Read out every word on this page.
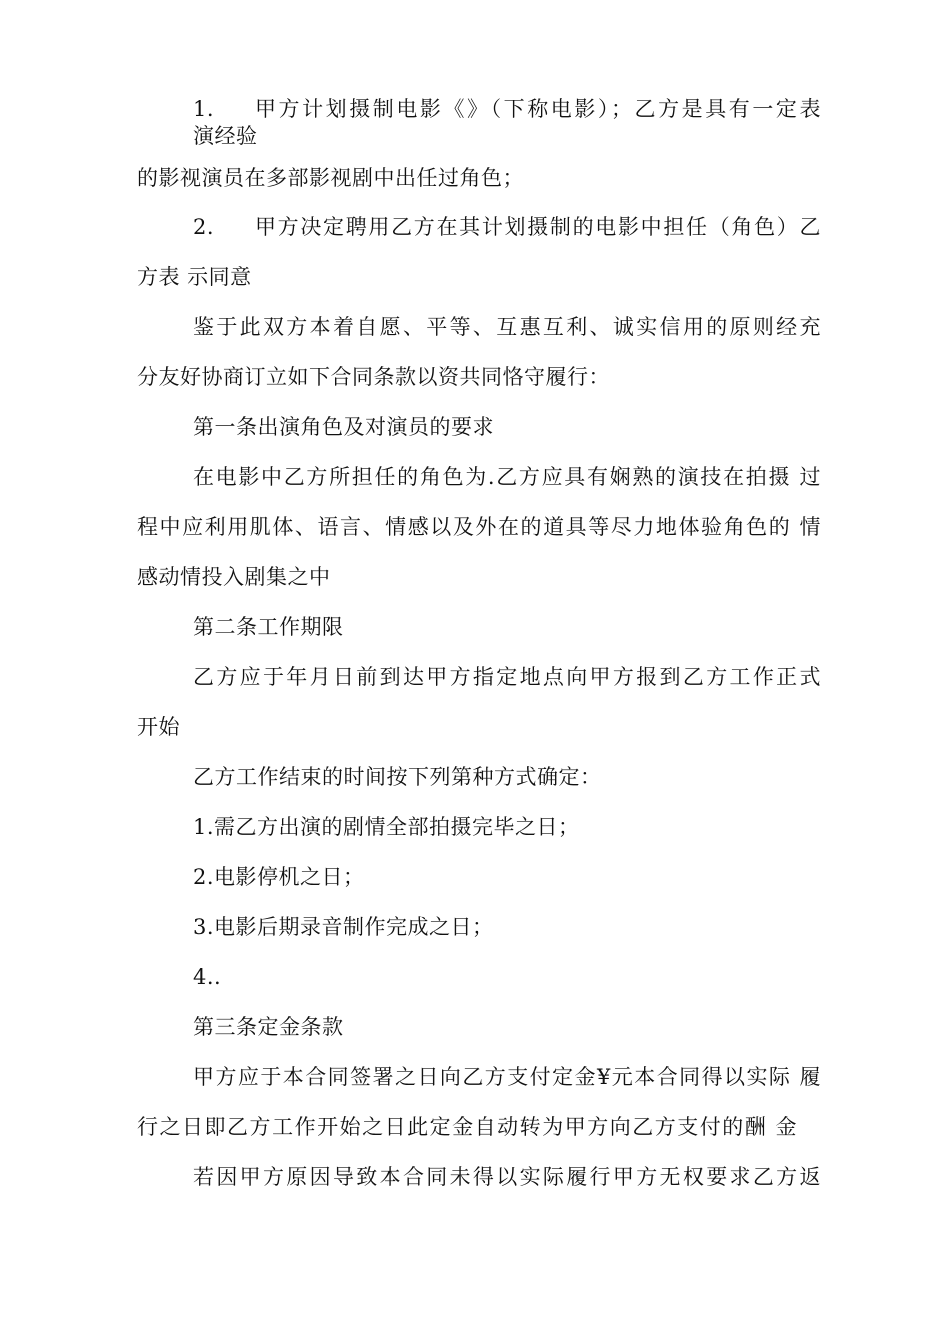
1. 甲方计划摄制电影《》（下称电影）；乙方是具有一定表
演经验
的影视演员在多部影视剧中出任过角色；
2. 甲方决定聘用乙方在其计划摄制的电影中担任（角色）乙
方表 示同意
鉴于此双方本着自愿、平等、互惠互利、诚实信用的原则经充
分友好协商订立如下合同条款以资共同恪守履行：
第一条出演角色及对演员的要求
在电影中乙方所担任的角色为.乙方应具有娴熟的演技在拍摄 过
程中应利用肌体、语言、情感以及外在的道具等尽力地体验角色的 情
感动情投入剧集之中
第二条工作期限
乙方应于年月日前到达甲方指定地点向甲方报到乙方工作正式
开始
乙方工作结束的时间按下列第种方式确定：
1.需乙方出演的剧情全部拍摄完毕之日；
2.电影停机之日；
3.电影后期录音制作完成之日；
4..
第三条定金条款
甲方应于本合同签署之日向乙方支付定金¥元本合同得以实际 履
行之日即乙方工作开始之日此定金自动转为甲方向乙方支付的酬 金
若因甲方原因导致本合同未得以实际履行甲方无权要求乙方返
